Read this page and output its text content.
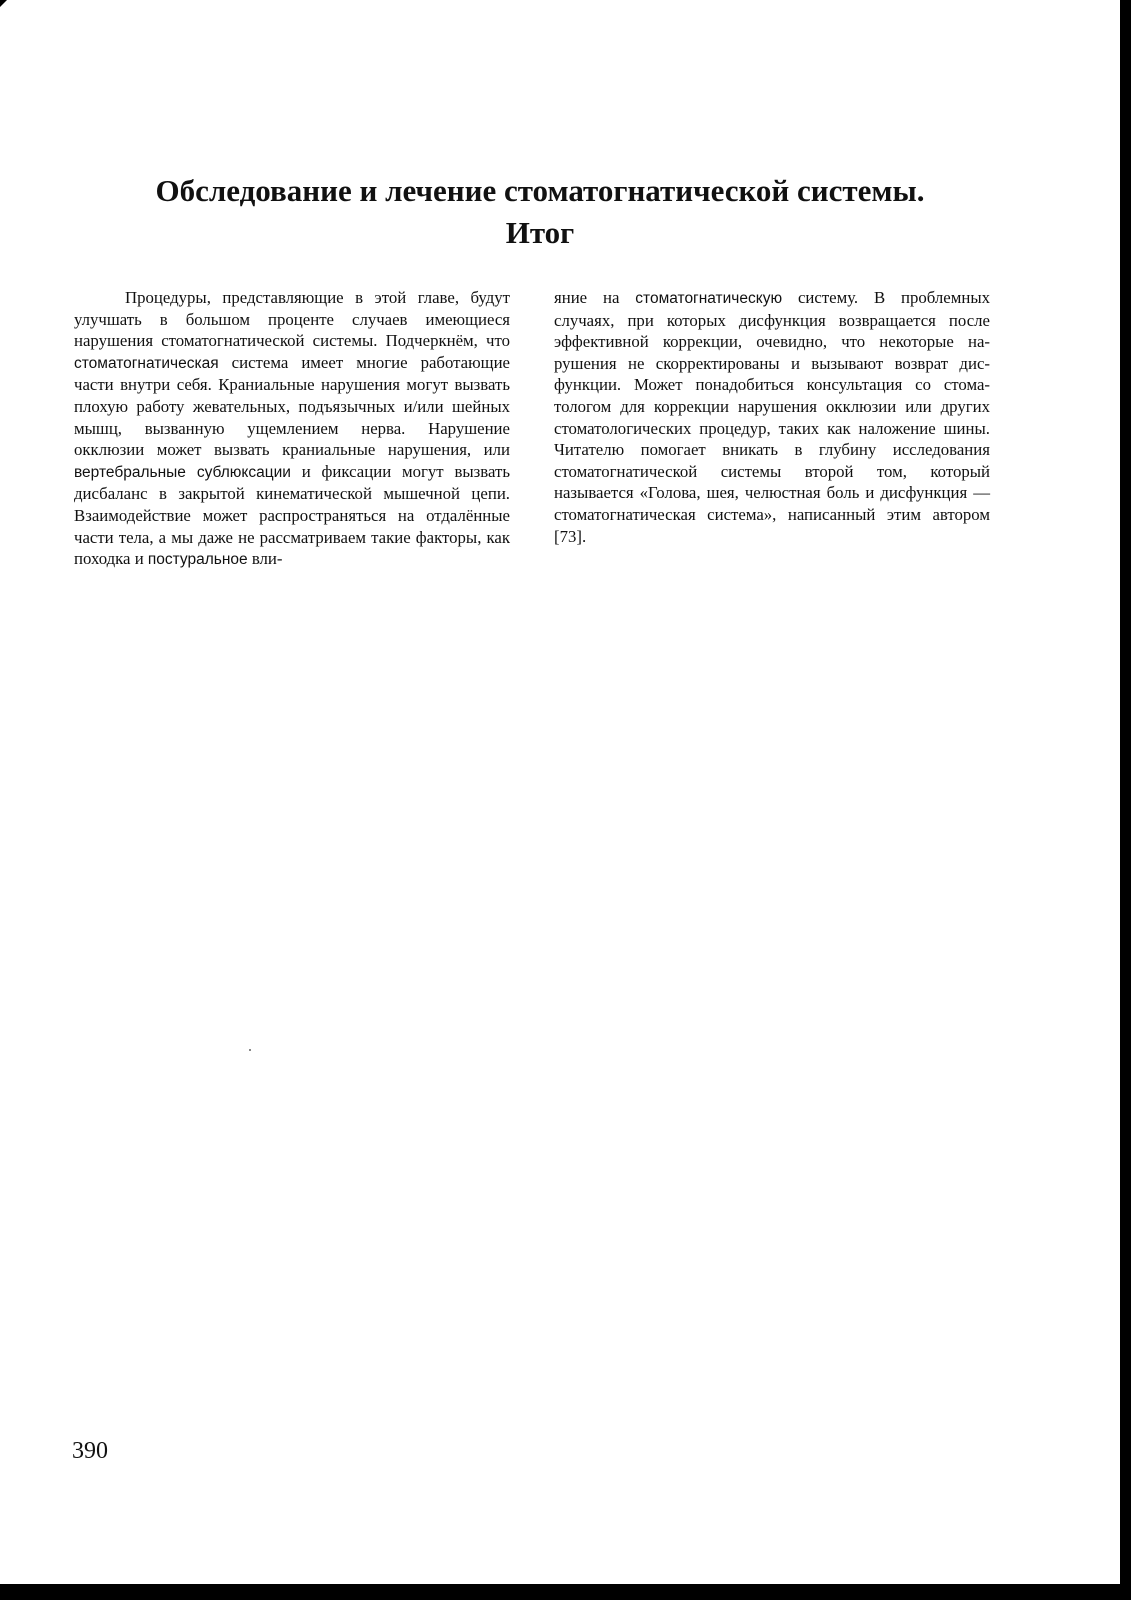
Обследование и лечение стоматогнатической системы.
Итог

Процедуры, представляющие в этой главе, будут улучшать в большом проценте случаев имеющиеся нарушения стоматогнатической системы. Подчеркнём, что стоматогнатическая система имеет многие работающие части внутри себя. Краниальные нарушения могут вызвать плохую работу жевательных, подъязычных и/или шейных мышц, вызванную ущемлением нерва. Нарушение окклюзии может вызвать краниальные нарушения, или вертебральные сублюксации и фиксации могут вызвать дисбаланс в закрытой кинематической мышечной цепи. Взаимодействие может распространяться на отдалённые части тела, а мы даже не рассматриваем такие факторы, как походка и постуральное вли-

яние на стоматогнатическую систему. В проблемных случаях, при которых дисфункция возвращается после эффективной коррекции, очевидно, что некоторые нарушения не скорректированы и вызывают возврат дисфункции. Может понадобиться консультация со стоматологом для коррекции нарушения окклюзии или других стоматологических процедур, таких как наложение шины. Читателю помогает вникать в глубину исследования стоматогнатической системы второй том, который называется «Голова, шея, челюстная боль и дисфункция — стоматогнатическая система», написанный этим автором [73].

390
